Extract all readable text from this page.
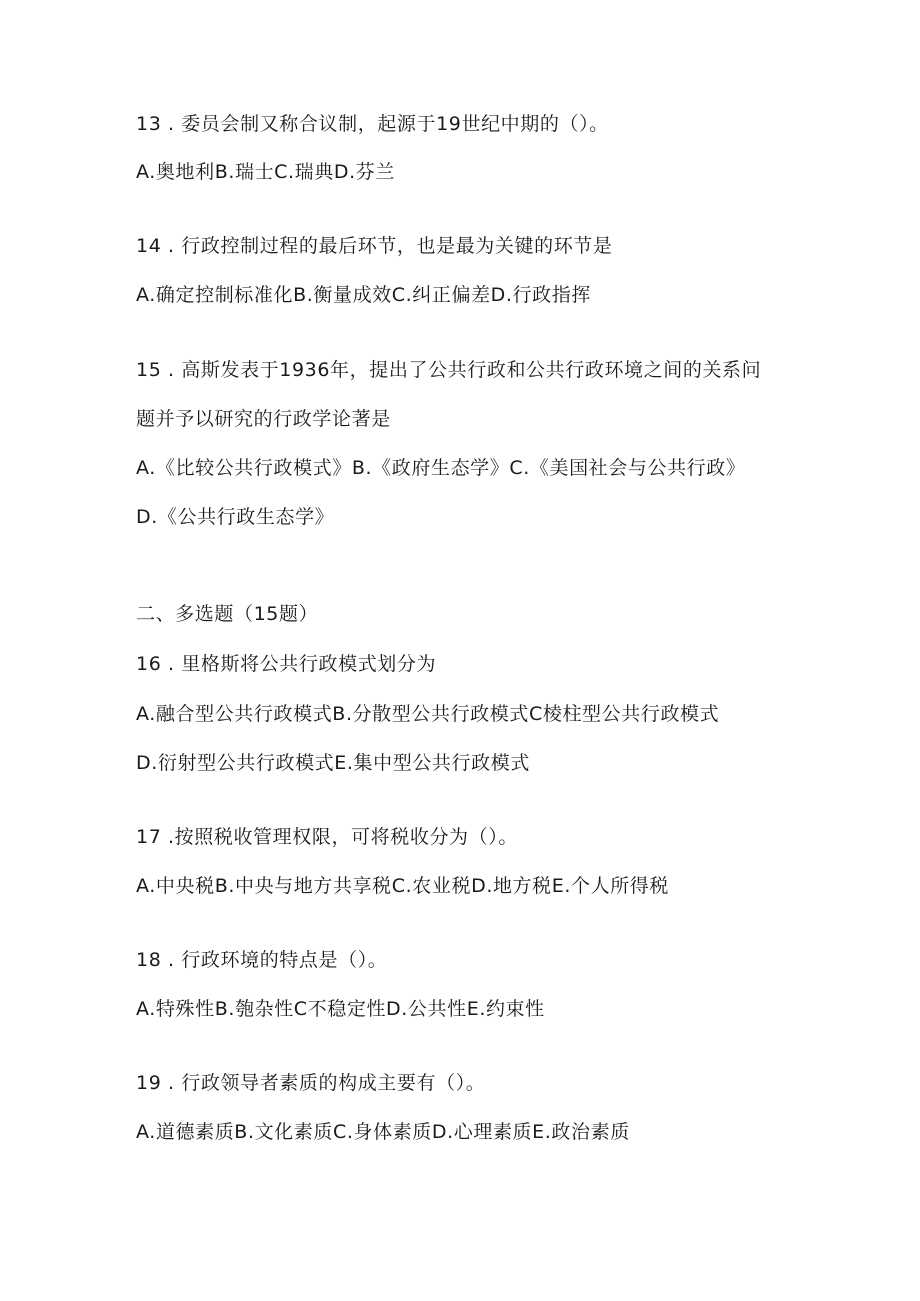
13 . 委员会制又称合议制，起源于19世纪中期的（）。
A.奥地利B.瑞士C.瑞典D.芬兰
14 . 行政控制过程的最后环节，也是最为关键的环节是
A.确定控制标准化B.衡量成效C.纠正偏差D.行政指挥
15 . 高斯发表于1936年，提出了公共行政和公共行政环境之间的关系问
题并予以研究的行政学论著是
A.《比较公共行政模式》B.《政府生态学》C.《美国社会与公共行政》
D.《公共行政生态学》
二、多选题（15题）
16 . 里格斯将公共行政模式划分为
A.融合型公共行政模式B.分散型公共行政模式C棱柱型公共行政模式
D.衍射型公共行政模式E.集中型公共行政模式
17 .按照税收管理权限，可将税收分为（）。
A.中央税B.中央与地方共享税C.农业税D.地方税E.个人所得税
18 . 行政环境的特点是（）。
A.特殊性B.匏杂性C不稳定性D.公共性E.约束性
19 . 行政领导者素质的构成主要有（）。
A.道德素质B.文化素质C.身体素质D.心理素质E.政治素质
